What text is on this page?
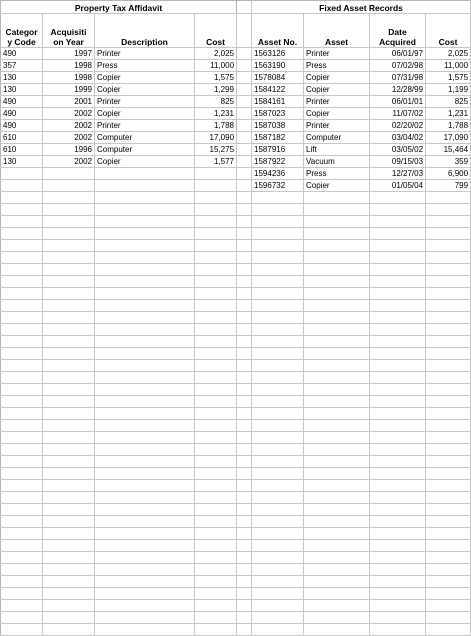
Property Tax Affidavit					Fixed Asset Records			
Categor y Code	Acquisiti on Year	Description	Cost		Asset No.	Asset	Date Acquired	Cost
490	1997	Printer	2,025		1563126	Printer	06/01/97	2,025
357	1998	Press	11,000		1563190	Press	07/02/98	11,000
130	1998	Copier	1,575		1578084	Copier	07/31/98	1,575
130	1999	Copier	1,299		1584122	Copier	12/28/99	1,199
490	2001	Printer	825		1584161	Printer	06/01/01	825
490	2002	Copier	1,231		1587023	Copier	11/07/02	1,231
490	2002	Printer	1,788		1587038	Printer	02/20/02	1,788
610	2002	Computer	17,090		1587182	Computer	03/04/02	17,090
610	1996	Computer	15,275		1587916	Lift	03/05/02	15,464
130	2002	Copier	1,577		1587922	Vacuum	09/15/03	359
					1594236	Press	12/27/03	6,900
					1596732	Copier	01/05/04	799
